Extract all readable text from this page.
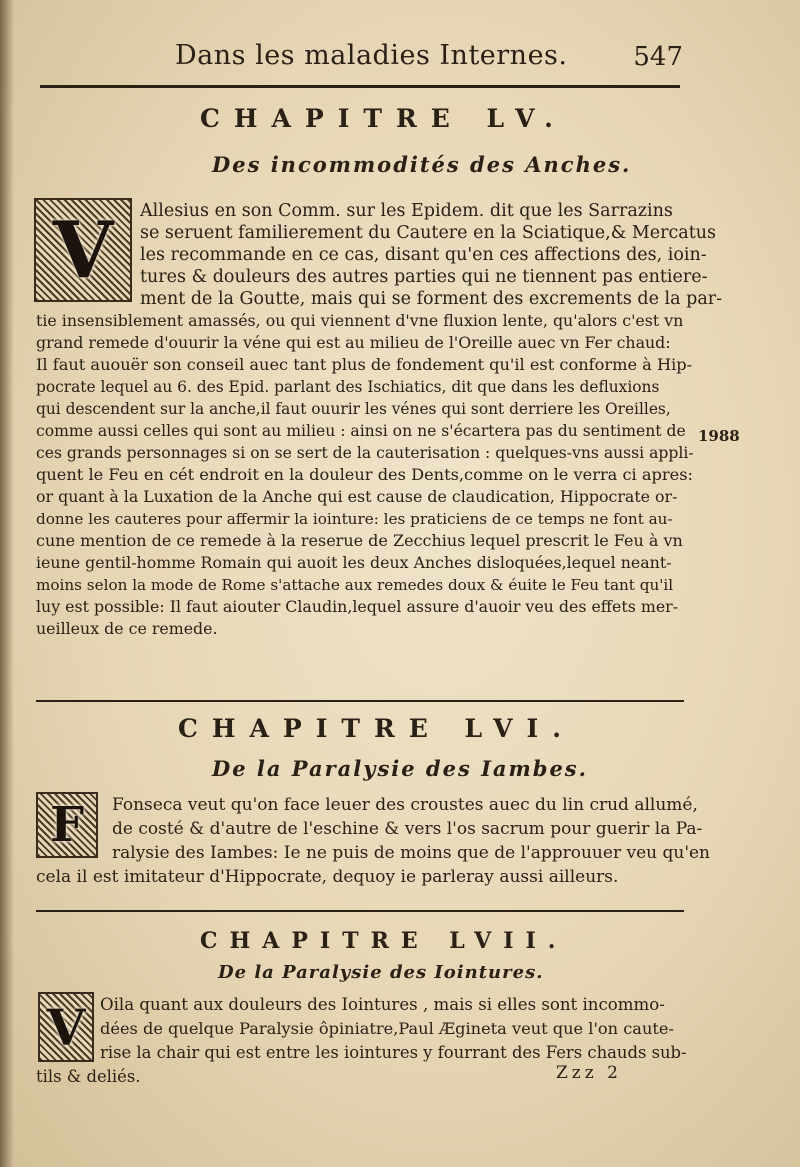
Dans les maladies Internes.	547
CHAPITRE LV.
Des incommodités des Anches.
V	Allesius en son Comm. sur les Epidem. dit que les Sarrazins
se seruent familierement du Cautere en la Sciatique,& Mercatus
les recommande en ce cas, disant qu'en ces affections des, ioin-
tures & douleurs des autres parties qui ne tiennent pas entiere-
ment de la Goutte, mais qui se forment des excrements de la par-
tie insensiblement amassés, ou qui viennent d'vne fluxion lente, qu'alors c'est vn
grand remede d'ouurir la véne qui est au milieu de l'Oreille auec vn Fer chaud:
Il faut auouër son conseil auec tant plus de fondement qu'il est conforme à Hip-
pocrate lequel au 6. des Epid. parlant des Ischiatics, dit que dans les defluxions
qui descendent sur la anche,il faut ouurir les vénes qui sont derriere les Oreilles,
comme aussi celles qui sont au milieu : ainsi on ne s'écartera pas du sentiment de
ces grands personnages si on se sert de la cauterisation : quelques-vns aussi appli-
quent le Feu en cét endroit en la douleur des Dents,comme on le verra ci apres:
or quant à la Luxation de la Anche qui est cause de claudication, Hippocrate or-
donne les cauteres pour affermir la iointure: les praticiens de ce temps ne font au-
cune mention de ce remede à la reserue de Zecchius lequel prescrit le Feu à vn
ieune gentil-homme Romain qui auoit les deux Anches disloquées,lequel neant-
moins selon la mode de Rome s'attache aux remedes doux & éuite le Feu tant qu'il
luy est possible: Il faut aiouter Claudin,lequel assure d'auoir veu des effets mer-
ueilleux de ce remede.
1988
CHAPITRE LVI.
De la Paralysie des Iambes.
F	Fonseca veut qu'on face leuer des croustes auec du lin crud allumé,
de costé & d'autre de l'eschine & vers l'os sacrum pour guerir la Pa-
ralysie des Iambes: Ie ne puis de moins que de l'approuuer veu qu'en
cela il est imitateur d'Hippocrate, dequoy ie parleray aussi ailleurs.
CHAPITRE LVII.
De la Paralysie des Iointures.
V Oila quant aux douleurs des Iointures , mais si elles sont incommo-
dées de quelque Paralysie ôpiniatre,Paul Ægineta veut que l'on caute-
rise la chair qui est entre les iointures y fourrant des Fers chauds sub-
tils & deliés.	Zzz 2
